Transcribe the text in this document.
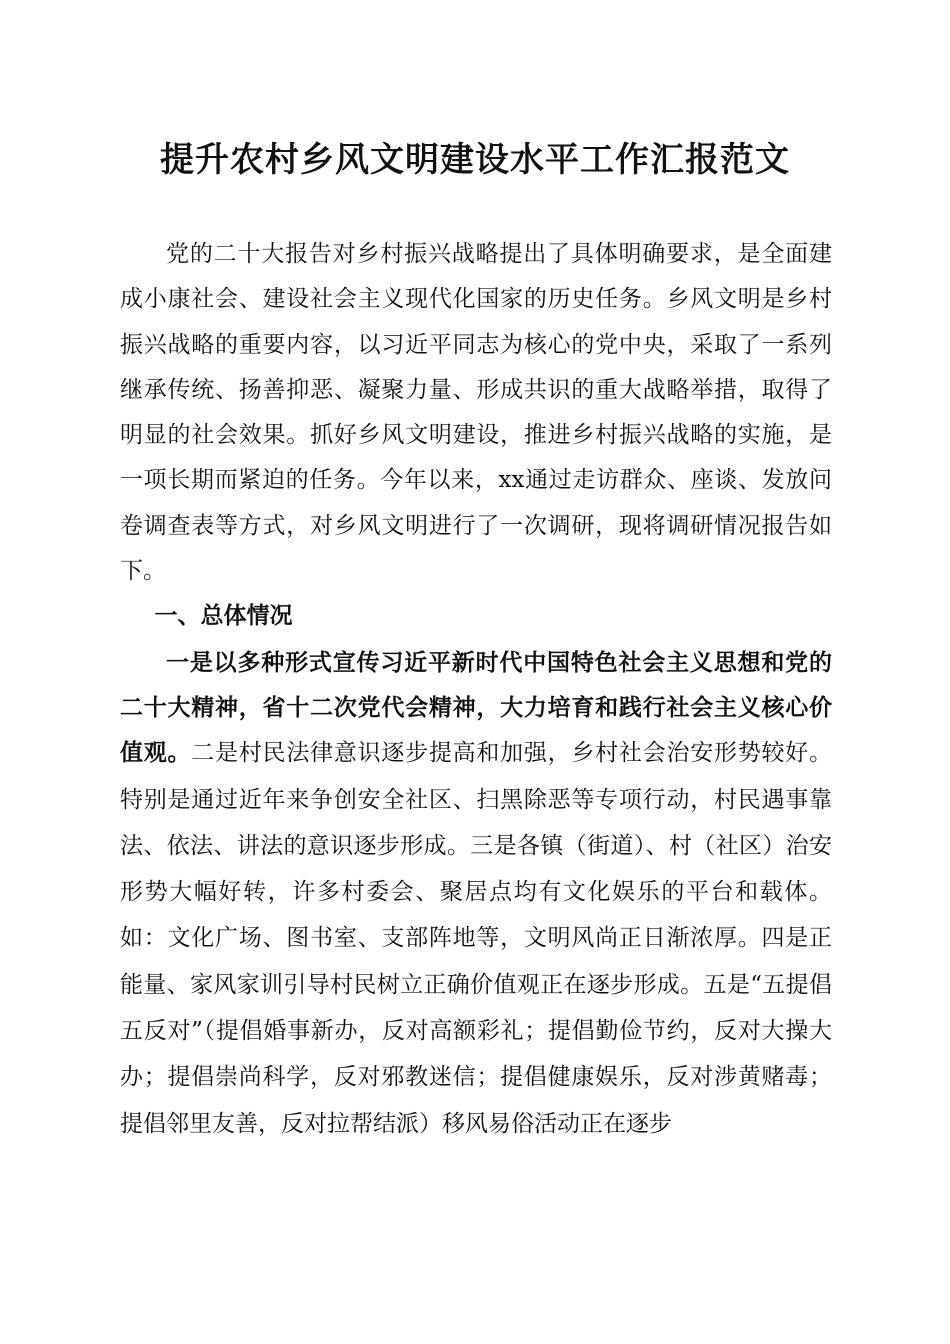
提升农村乡风文明建设水平工作汇报范文

党的二十大报告对乡村振兴战略提出了具体明确要求，是全面建成小康社会、建设社会主义现代化国家的历史任务。乡风文明是乡村振兴战略的重要内容，以习近平同志为核心的党中央，采取了一系列继承传统、扬善抑恶、凝聚力量、形成共识的重大战略举措，取得了明显的社会效果。抓好乡风文明建设，推进乡村振兴战略的实施，是一项长期而紧迫的任务。今年以来，xx通过走访群众、座谈、发放问卷调查表等方式，对乡风文明进行了一次调研，现将调研情况报告如下。

一、总体情况

一是以多种形式宣传习近平新时代中国特色社会主义思想和党的二十大精神，省十二次党代会精神，大力培育和践行社会主义核心价值观。二是村民法律意识逐步提高和加强，乡村社会治安形势较好。特别是通过近年来争创安全社区、扫黑除恶等专项行动，村民遇事靠法、依法、讲法的意识逐步形成。三是各镇（街道）、村（社区）治安形势大幅好转，许多村委会、聚居点均有文化娱乐的平台和载体。如：文化广场、图书室、支部阵地等，文明风尚正日渐浓厚。四是正能量、家风家训引导村民树立正确价值观正在逐步形成。五是“五提倡五反对”（提倡婚事新办，反对高额彩礼；提倡勤俭节约，反对大操大办；提倡崇尚科学，反对邪教迷信；提倡健康娱乐，反对涉黄赌毒；提倡邻里友善，反对拉帮结派）移风易俗活动正在逐步
